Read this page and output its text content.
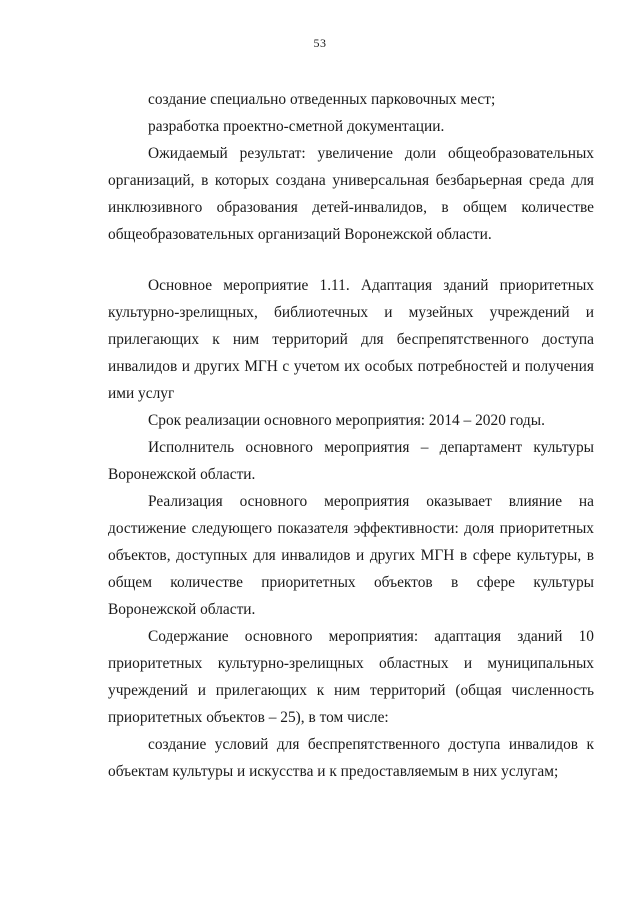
53

создание специально отведенных парковочных мест;

разработка проектно-сметной документации.

Ожидаемый результат: увеличение доли общеобразовательных организаций, в которых создана универсальная безбарьерная среда для инклюзивного образования детей-инвалидов, в общем количестве общеобразовательных организаций Воронежской области.

Основное мероприятие 1.11. Адаптация зданий приоритетных культурно-зрелищных, библиотечных и музейных учреждений и прилегающих к ним территорий для беспрепятственного доступа инвалидов и других МГН с учетом их особых потребностей и получения ими услуг

Срок реализации основного мероприятия: 2014 – 2020 годы.

Исполнитель основного мероприятия – департамент культуры Воронежской области.

Реализация основного мероприятия оказывает влияние на достижение следующего показателя эффективности: доля приоритетных объектов, доступных для инвалидов и других МГН в сфере культуры, в общем количестве приоритетных объектов в сфере культуры Воронежской области.

Содержание основного мероприятия: адаптация зданий 10 приоритетных культурно-зрелищных областных и муниципальных учреждений и прилегающих к ним территорий (общая численность приоритетных объектов – 25), в том числе:

создание условий для беспрепятственного доступа инвалидов к объектам культуры и искусства и к предоставляемым в них услугам;
